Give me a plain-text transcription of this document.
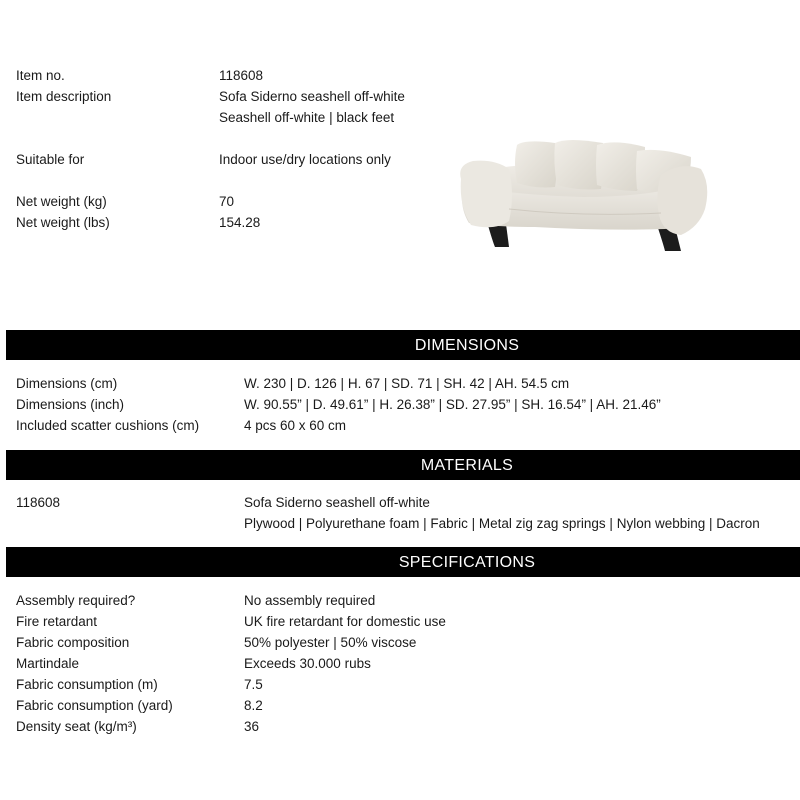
Item no.	118608
Item description	Sofa Siderno seashell off-white
Seashell off-white | black feet
Suitable for	Indoor use/dry locations only
Net weight (kg)	70
Net weight (lbs)	154.28
DIMENSIONS
Dimensions (cm)	W. 230 | D. 126 | H. 67 | SD. 71 | SH. 42 | AH. 54.5 cm
Dimensions (inch)	W. 90.55” | D. 49.61” | H. 26.38” | SD. 27.95” | SH. 16.54” | AH. 21.46”
Included scatter cushions (cm)	4 pcs 60 x 60 cm
MATERIALS
118608	Sofa Siderno seashell off-white
Plywood | Polyurethane foam | Fabric | Metal zig zag springs | Nylon webbing | Dacron
SPECIFICATIONS
Assembly required?	No assembly required
Fire retardant	UK fire retardant for domestic use
Fabric composition	50% polyester | 50% viscose
Martindale	Exceeds 30.000 rubs
Fabric consumption (m)	7.5
Fabric consumption (yard)	8.2
Density seat (kg/m³)	36
